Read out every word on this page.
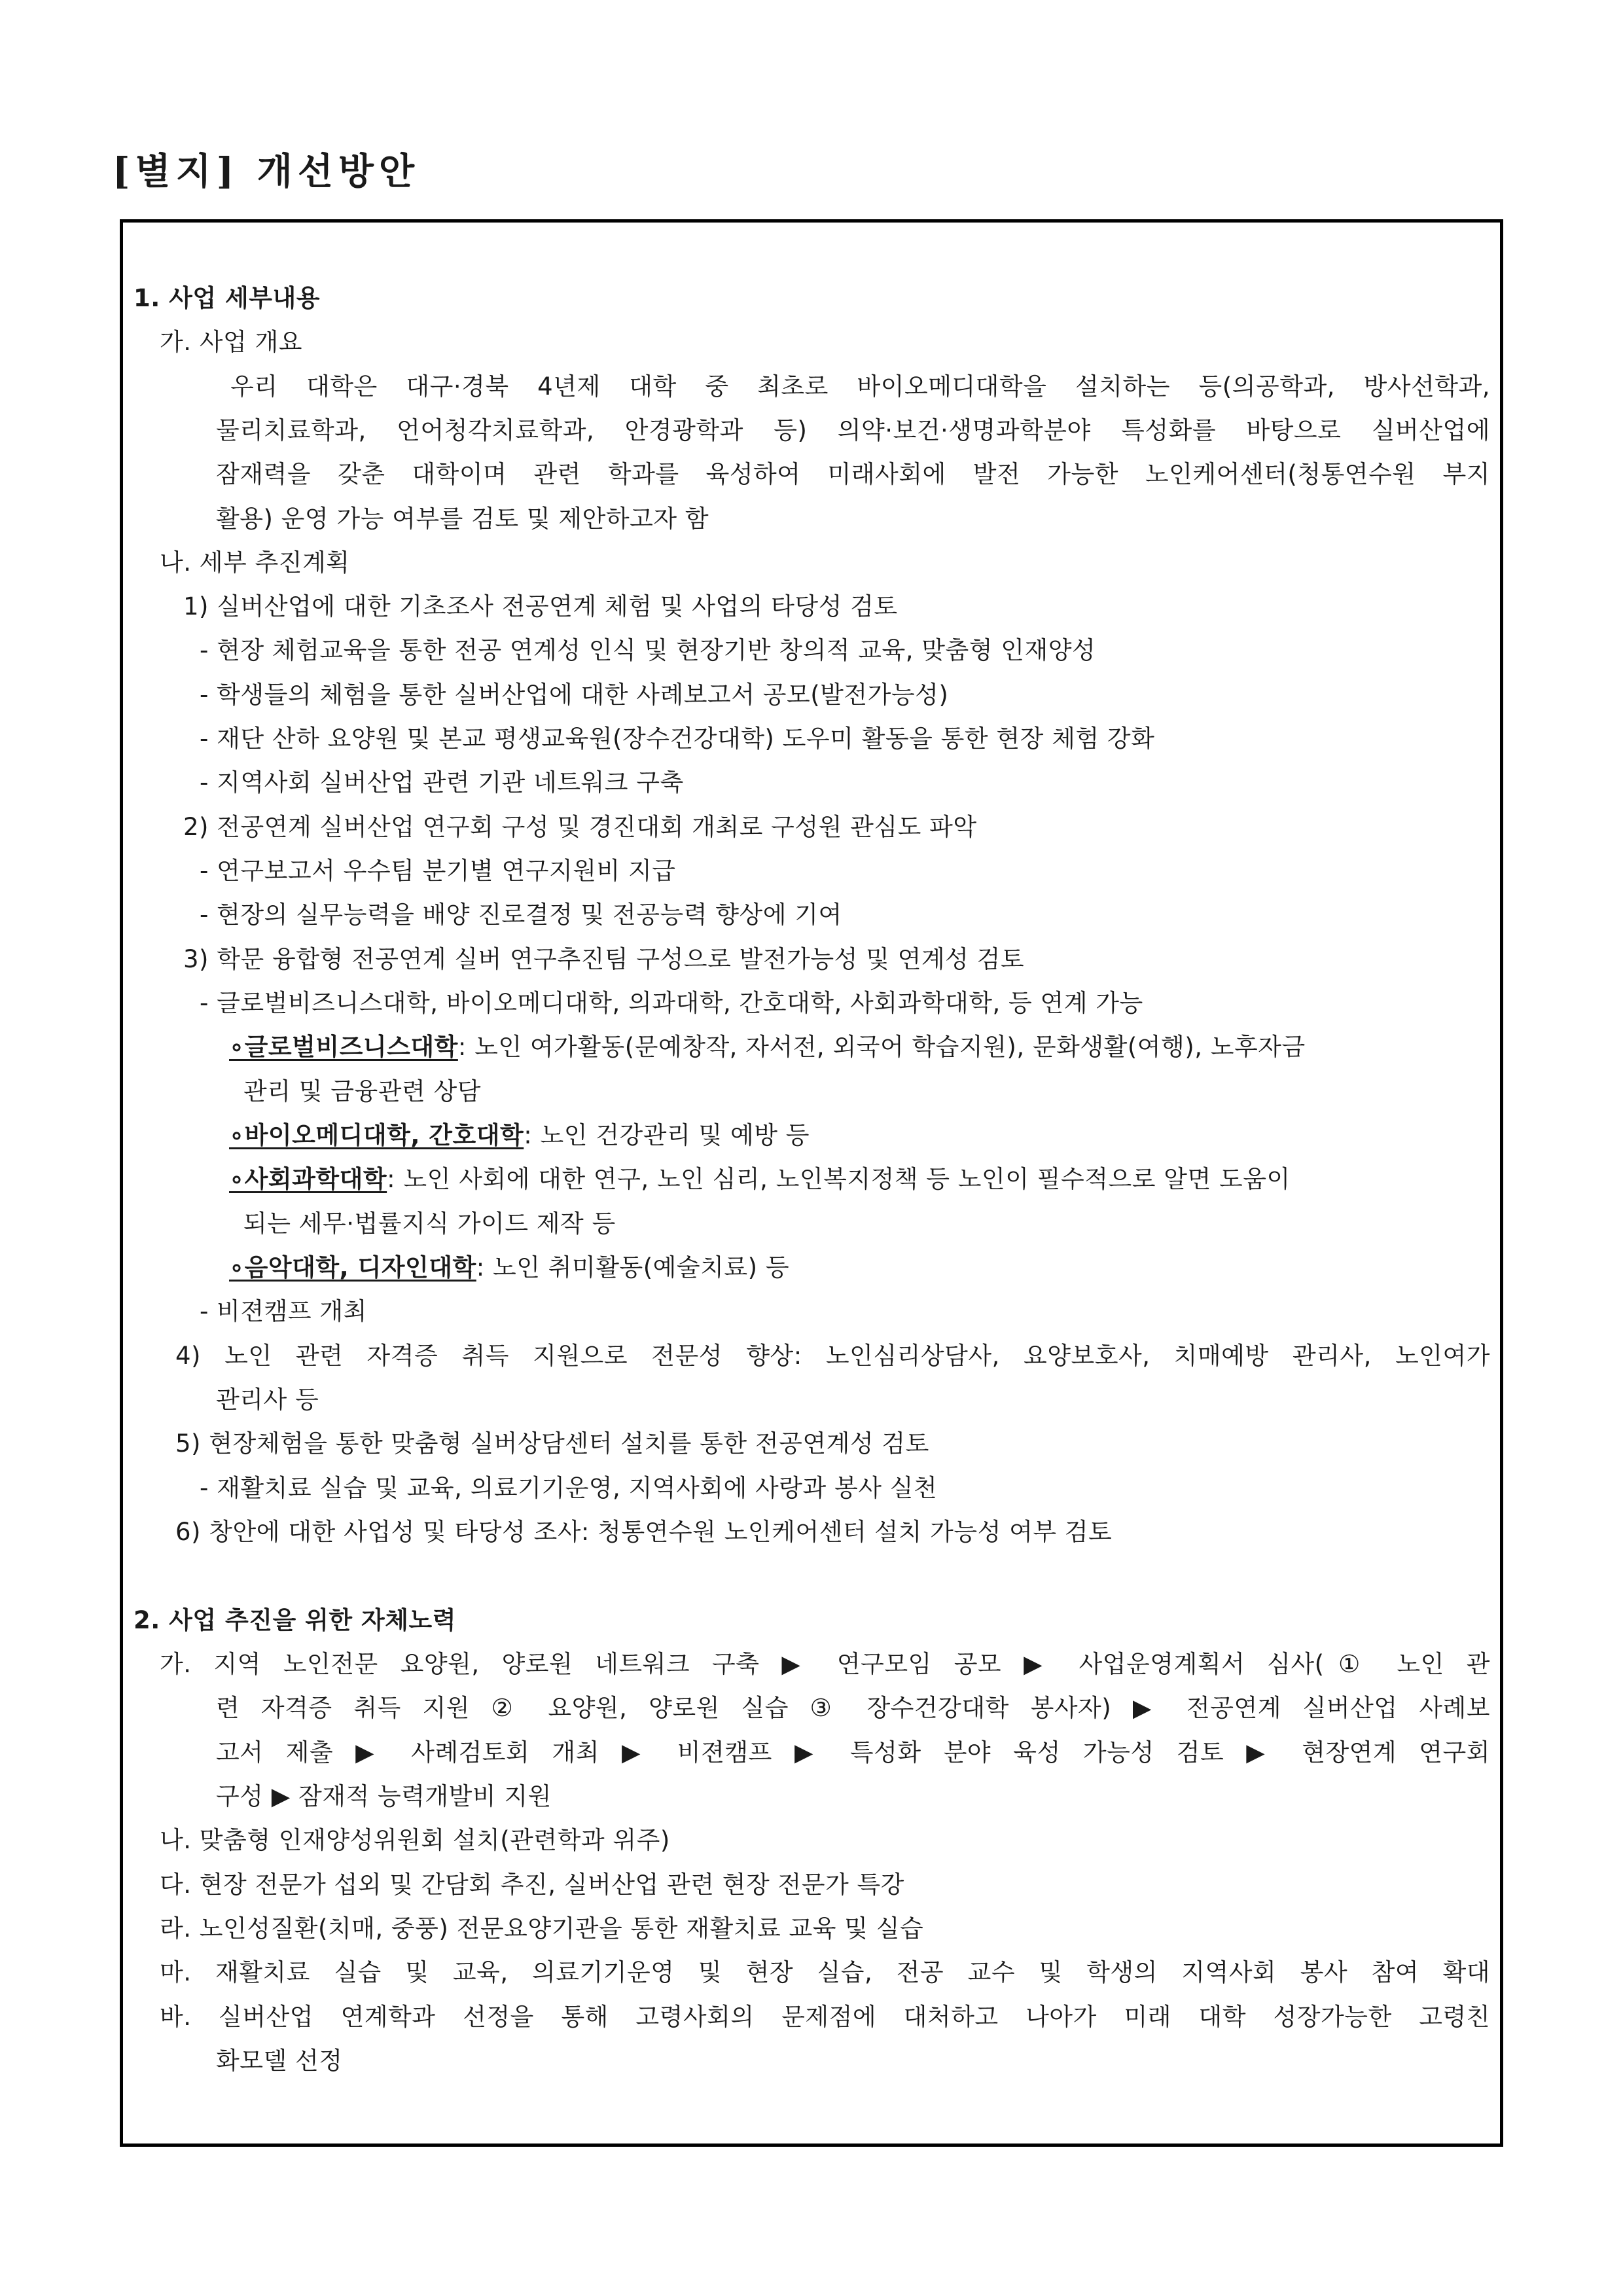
[별지] 개선방안
1. 사업 세부내용
가. 사업 개요
우리 대학은 대구·경북 4년제 대학 중 최초로 바이오메디대학을 설치하는 등(의공학과, 방사선학과,
물리치료학과, 언어청각치료학과, 안경광학과 등) 의약·보건·생명과학분야 특성화를 바탕으로 실버산업에
잠재력을 갖춘 대학이며 관련 학과를 육성하여 미래사회에 발전 가능한 노인케어센터(청통연수원 부지
활용) 운영 가능 여부를 검토 및 제안하고자 함
나. 세부 추진계획
1) 실버산업에 대한 기초조사 전공연계 체험 및 사업의 타당성 검토
- 현장 체험교육을 통한 전공 연계성 인식 및 현장기반 창의적 교육, 맞춤형 인재양성
- 학생들의 체험을 통한 실버산업에 대한 사례보고서 공모(발전가능성)
- 재단 산하 요양원 및 본교 평생교육원(장수건강대학) 도우미 활동을 통한 현장 체험 강화
- 지역사회 실버산업 관련 기관 네트워크 구축
2) 전공연계 실버산업 연구회 구성 및 경진대회 개최로 구성원 관심도 파악
- 연구보고서 우수팀 분기별 연구지원비 지급
- 현장의 실무능력을 배양 진로결정 및 전공능력 향상에 기여
3) 학문 융합형 전공연계 실버 연구추진팀 구성으로 발전가능성 및 연계성 검토
- 글로벌비즈니스대학, 바이오메디대학, 의과대학, 간호대학, 사회과학대학, 등 연계 가능
∘글로벌비즈니스대학: 노인 여가활동(문예창작, 자서전, 외국어 학습지원), 문화생활(여행), 노후자금
관리 및 금융관련 상담
∘바이오메디대학, 간호대학: 노인 건강관리 및 예방 등
∘사회과학대학: 노인 사회에 대한 연구, 노인 심리, 노인복지정책 등 노인이 필수적으로 알면 도움이
되는 세무·법률지식 가이드 제작 등
∘음악대학, 디자인대학: 노인 취미활동(예술치료) 등
- 비젼캠프 개최
4) 노인 관련 자격증 취득 지원으로 전문성 향상: 노인심리상담사, 요양보호사, 치매예방 관리사, 노인여가
관리사 등
5) 현장체험을 통한 맞춤형 실버상담센터 설치를 통한 전공연계성 검토
- 재활치료 실습 및 교육, 의료기기운영, 지역사회에 사랑과 봉사 실천
6) 창안에 대한 사업성 및 타당성 조사: 청통연수원 노인케어센터 설치 가능성 여부 검토
2. 사업 추진을 위한 자체노력
가. 지역 노인전문 요양원, 양로원 네트워크 구축 ▶ 연구모임 공모 ▶ 사업운영계획서 심사(① 노인 관
련 자격증 취득 지원 ② 요양원, 양로원 실습 ③ 장수건강대학 봉사자) ▶ 전공연계 실버산업 사례보
고서 제출 ▶ 사례검토회 개최 ▶ 비젼캠프 ▶ 특성화 분야 육성 가능성 검토 ▶ 현장연계 연구회
구성 ▶ 잠재적 능력개발비 지원
나. 맞춤형 인재양성위원회 설치(관련학과 위주)
다. 현장 전문가 섭외 및 간담회 추진, 실버산업 관련 현장 전문가 특강
라. 노인성질환(치매, 중풍) 전문요양기관을 통한 재활치료 교육 및 실습
마. 재활치료 실습 및 교육, 의료기기운영 및 현장 실습, 전공 교수 및 학생의 지역사회 봉사 참여 확대
바. 실버산업 연계학과 선정을 통해 고령사회의 문제점에 대처하고 나아가 미래 대학 성장가능한 고령친
화모델 선정
